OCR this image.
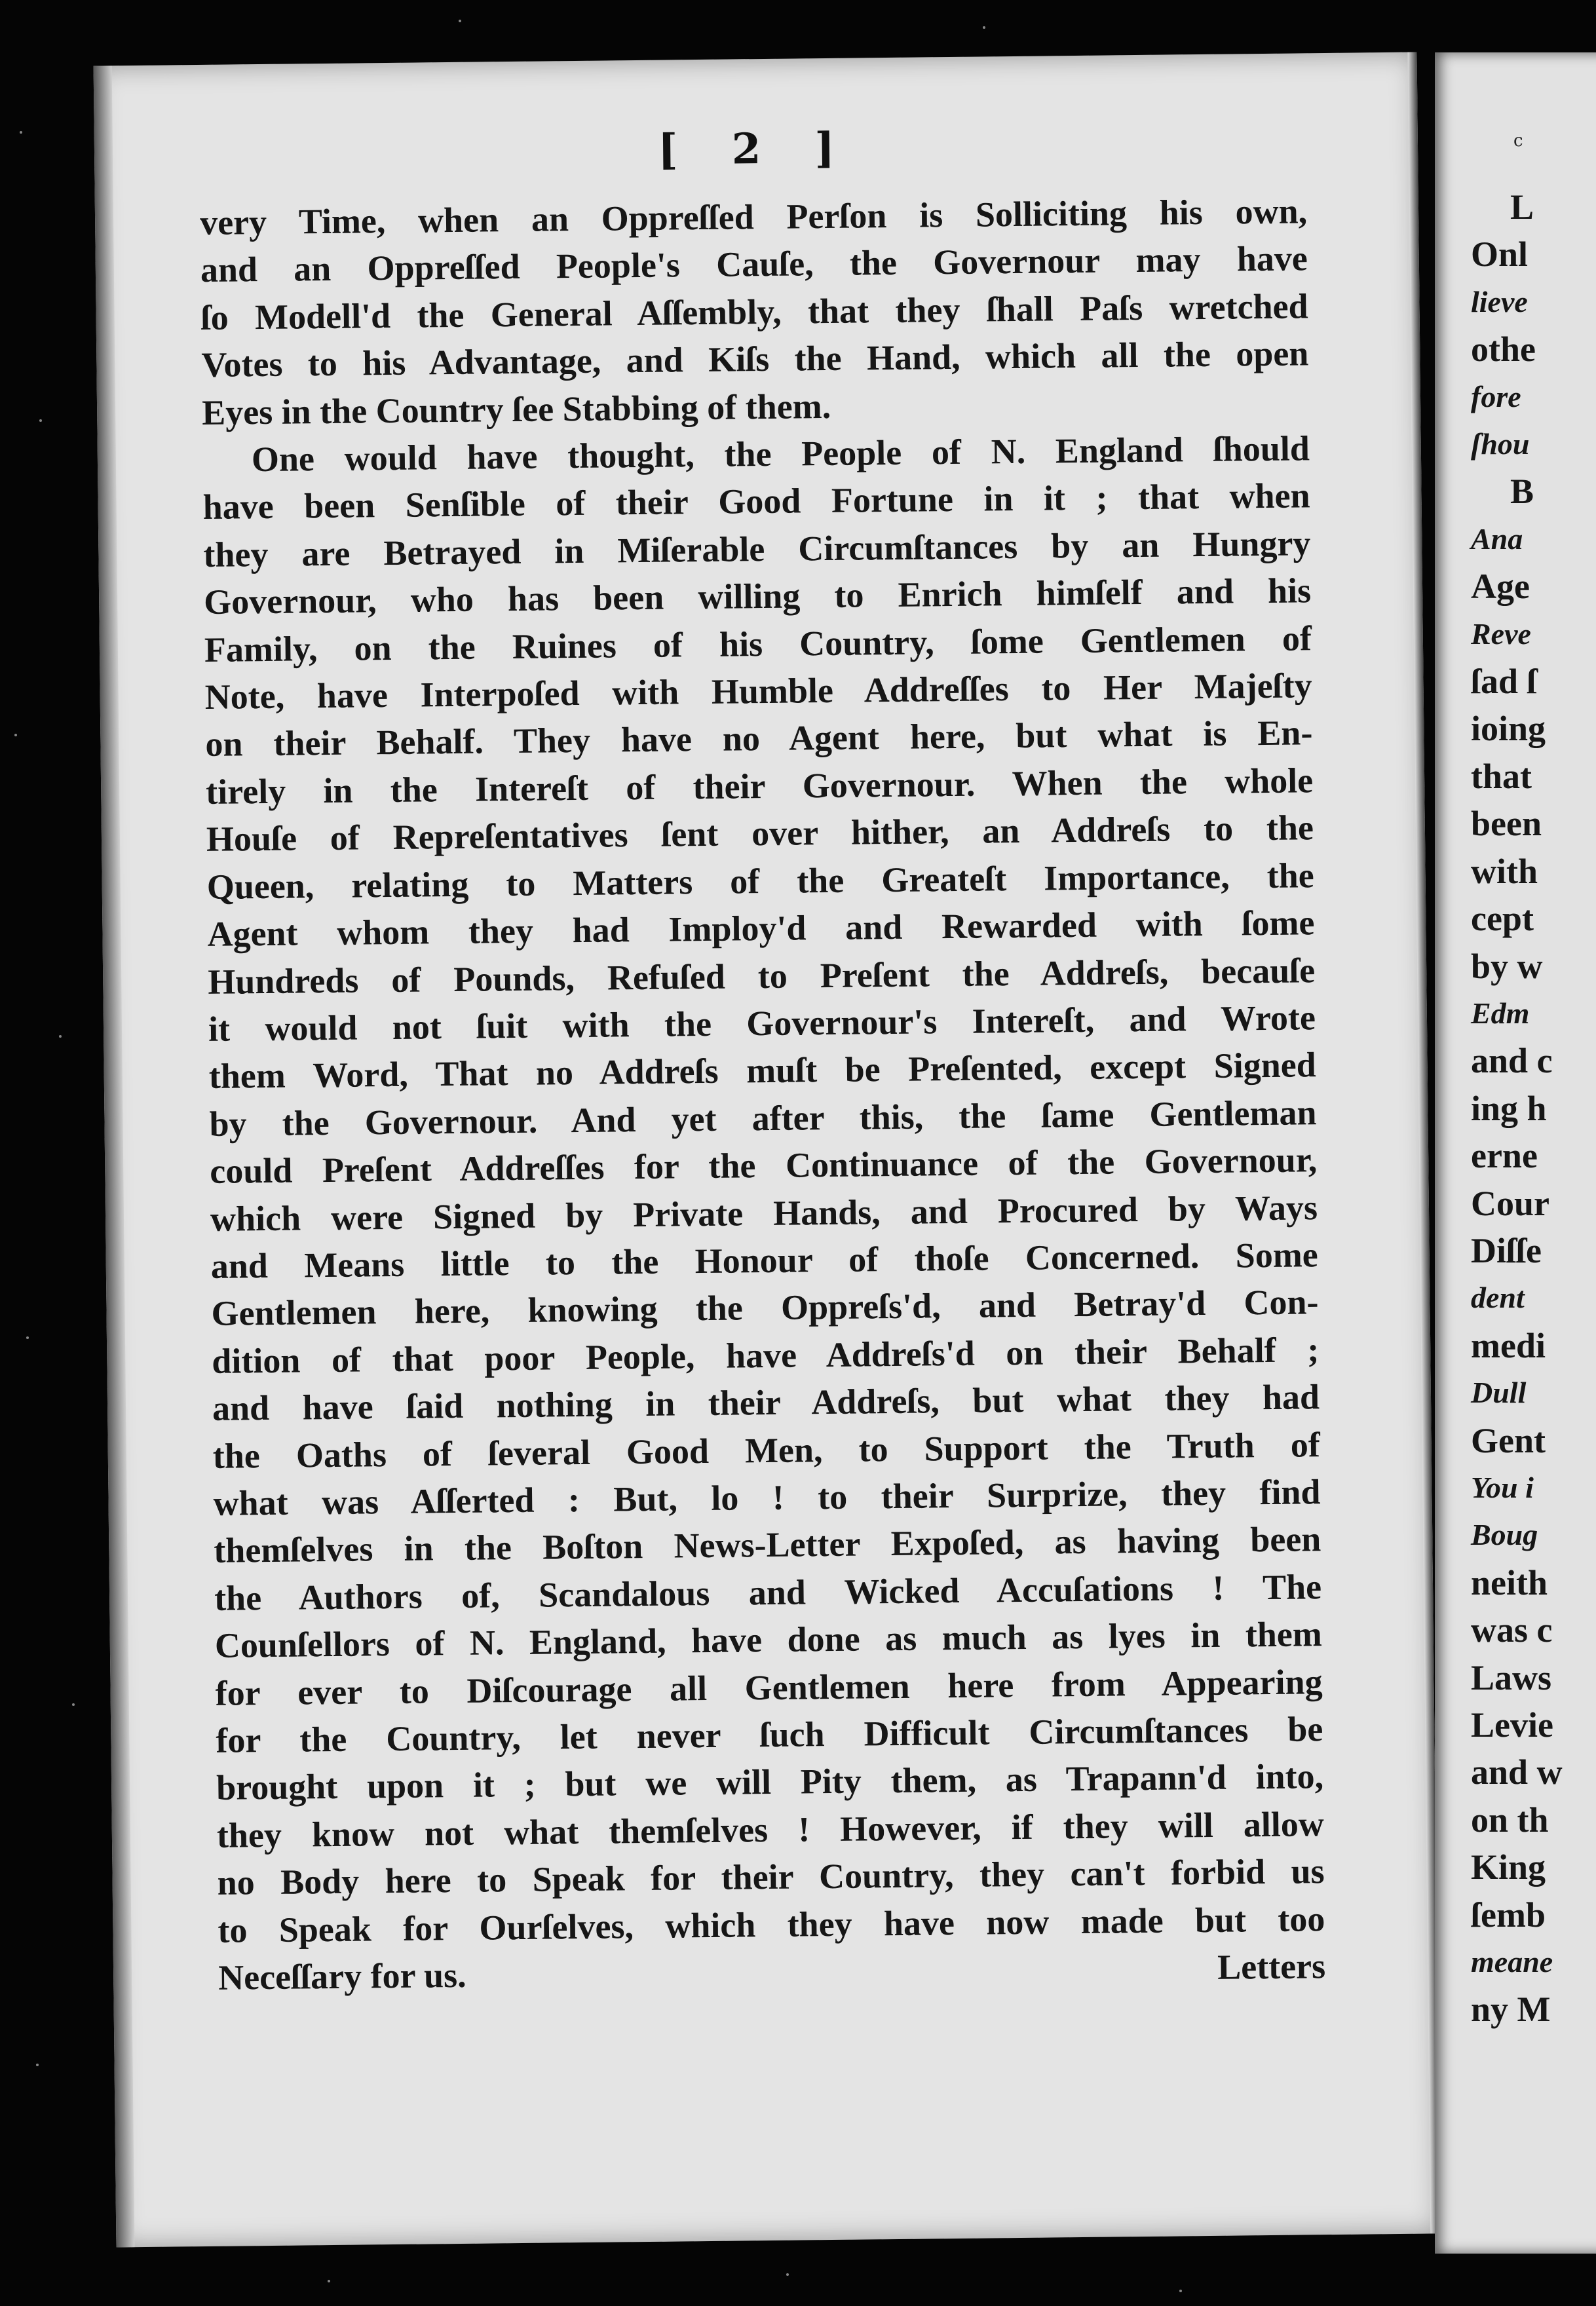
[ 2 ]
very Time, when an Oppreſſed Perſon is Solliciting his own,
and an Oppreſſed People's Cauſe, the Governour may have
ſo Modell'd the General Aſſembly, that they ſhall Paſs wretched
Votes to his Advantage, and Kiſs the Hand, which all the open
Eyes in the Country ſee Stabbing of them.
One would have thought, the People of N. England ſhould
have been Senſible of their Good Fortune in it ; that when
they are Betrayed in Miſerable Circumſtances by an Hungry
Governour, who has been willing to Enrich himſelf and his
Family, on the Ruines of his Country, ſome Gentlemen of
Note, have Interpoſed with Humble Addreſſes to Her Majeſty
on their Behalf. They have no Agent here, but what is En-
tirely in the Intereſt of their Governour. When the whole
Houſe of Repreſentatives ſent over hither, an Addreſs to the
Queen, relating to Matters of the Greateſt Importance, the
Agent whom they had Imploy'd and Rewarded with ſome
Hundreds of Pounds, Refuſed to Preſent the Addreſs, becauſe
it would not ſuit with the Governour's Intereſt, and Wrote
them Word, That no Addreſs muſt be Preſented, except Signed
by the Governour. And yet after this, the ſame Gentleman
could Preſent Addreſſes for the Continuance of the Governour,
which were Signed by Private Hands, and Procured by Ways
and Means little to the Honour of thoſe Concerned. Some
Gentlemen here, knowing the Oppreſs'd, and Betray'd Con-
dition of that poor People, have Addreſs'd on their Behalf ;
and have ſaid nothing in their Addreſs, but what they had
the Oaths of ſeveral Good Men, to Support the Truth of
what was Aſſerted : But, lo ! to their Surprize, they find
themſelves in the Boſton News-Letter Expoſed, as having been
the Authors of, Scandalous and Wicked Accuſations ! The
Counſellors of N. England, have done as much as lyes in them
for ever to Diſcourage all Gentlemen here from Appearing
for the Country, let never ſuch Difficult Circumſtances be
brought upon it ; but we will Pity them, as Trapann'd into,
they know not what themſelves ! However, if they will allow
no Body here to Speak for their Country, they can't forbid us
to Speak for Ourſelves, which they have now made but too
Neceſſary for us.	Letters
c
L
Onl
lieve
othe
fore
ſhou
B
Ana
Age
Reve
ſad ſ
ioing
that
been
with
cept
by w
Edm
and c
ing h
erne
Cour
Diſſe
dent
medi
Dull
Gent
You i
Boug
neith
was c
Laws
Levie
and w
on th
King
ſemb
meane
ny M
